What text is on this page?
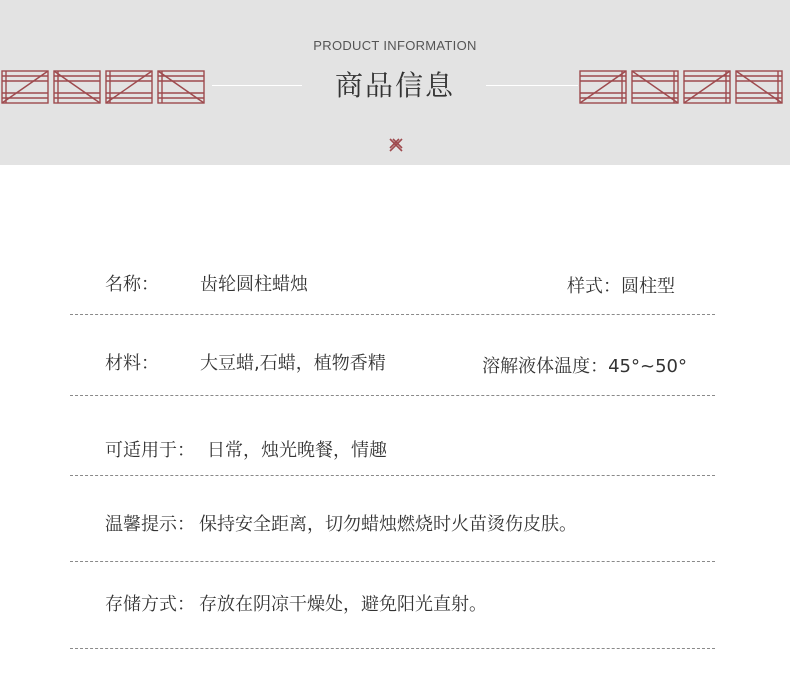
PRODUCT INFORMATION
商品信息
名称： 齿轮圆柱蜡烛	样式：圆柱型
材料： 大豆蜡,石蜡，植物香精	溶解液体温度：45°~50°
可适用于： 日常，烛光晚餐，情趣
温馨提示： 保持安全距离，切勿蜡烛燃烧时火苗烫伤皮肤。
存储方式： 存放在阴凉干燥处，避免阳光直射。
